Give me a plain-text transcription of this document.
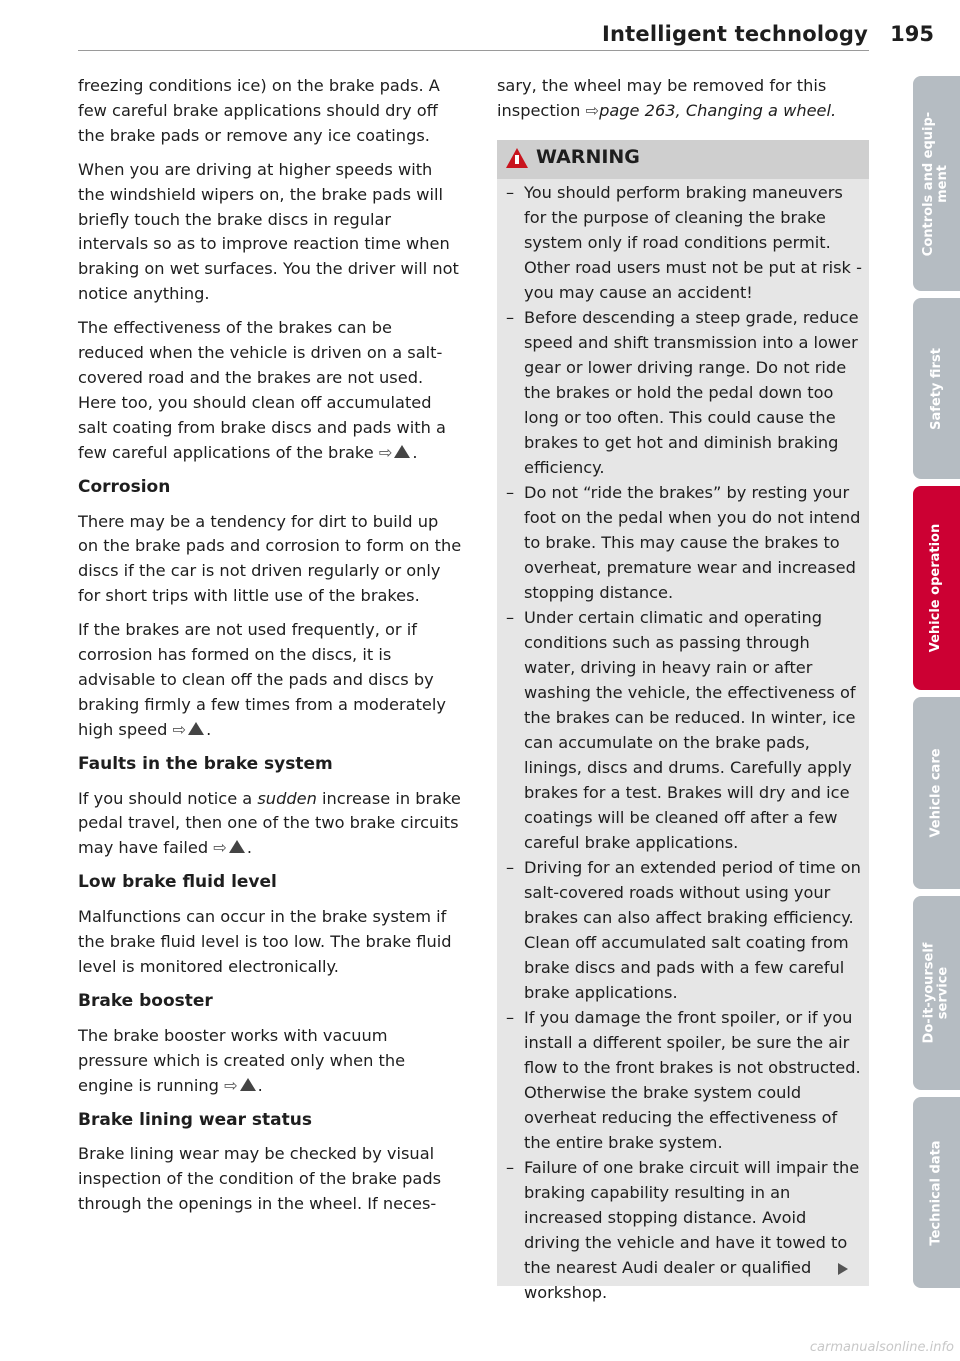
Intelligent technology 195

freezing conditions ice) on the brake pads. A few careful brake applications should dry off the brake pads or remove any ice coatings.

When you are driving at higher speeds with the windshield wipers on, the brake pads will briefly touch the brake discs in regular intervals so as to improve reaction time when braking on wet surfaces. You the driver will not notice anything.

The effectiveness of the brakes can be reduced when the vehicle is driven on a salt-covered road and the brakes are not used. Here too, you should clean off accumulated salt coating from brake discs and pads with a few careful applications of the brake ⇨ .

Corrosion

There may be a tendency for dirt to build up on the brake pads and corrosion to form on the discs if the car is not driven regularly or only for short trips with little use of the brakes.

If the brakes are not used frequently, or if corrosion has formed on the discs, it is advisable to clean off the pads and discs by braking firmly a few times from a moderately high speed ⇨ .

Faults in the brake system

If you should notice a sudden increase in brake pedal travel, then one of the two brake circuits may have failed ⇨ .

Low brake fluid level

Malfunctions can occur in the brake system if the brake fluid level is too low. The brake fluid level is monitored electronically.

Brake booster

The brake booster works with vacuum pressure which is created only when the engine is running ⇨ .

Brake lining wear status

Brake lining wear may be checked by visual inspection of the condition of the brake pads through the openings in the wheel. If neces-

sary, the wheel may be removed for this inspection ⇨page 263, Changing a wheel.

WARNING
– You should perform braking maneuvers for the purpose of cleaning the brake system only if road conditions permit. Other road users must not be put at risk - you may cause an accident!
– Before descending a steep grade, reduce speed and shift transmission into a lower gear or lower driving range. Do not ride the brakes or hold the pedal down too long or too often. This could cause the brakes to get hot and diminish braking efficiency.
– Do not “ride the brakes” by resting your foot on the pedal when you do not intend to brake. This may cause the brakes to overheat, premature wear and increased stopping distance.
– Under certain climatic and operating conditions such as passing through water, driving in heavy rain or after washing the vehicle, the effectiveness of the brakes can be reduced. In winter, ice can accumulate on the brake pads, linings, discs and drums. Carefully apply brakes for a test. Brakes will dry and ice coatings will be cleaned off after a few careful brake applications.
– Driving for an extended period of time on salt-covered roads without using your brakes can also affect braking efficiency. Clean off accumulated salt coating from brake discs and pads with a few careful brake applications.
– If you damage the front spoiler, or if you install a different spoiler, be sure the air flow to the front brakes is not obstructed. Otherwise the brake system could overheat reducing the effectiveness of the entire brake system.
– Failure of one brake circuit will impair the braking capability resulting in an increased stopping distance. Avoid driving the vehicle and have it towed to the nearest Audi dealer or qualified workshop.
Controls and equip-
ment
Safety first
Vehicle operation
Vehicle care
Do-it-yourself
service
Technical data
carmanualsonline.info
